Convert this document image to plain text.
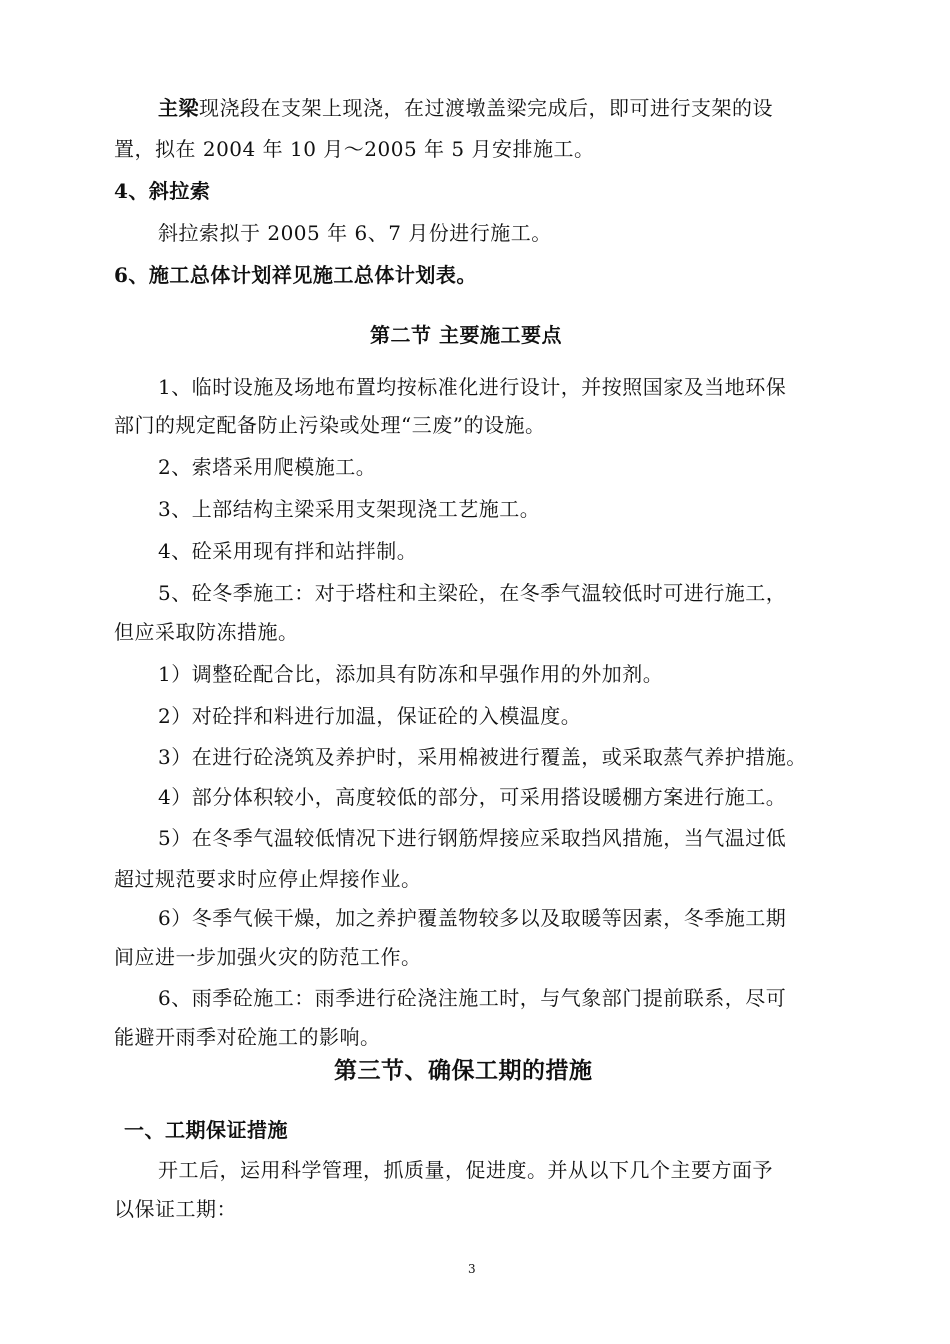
主梁现浇段在支架上现浇，在过渡墩盖梁完成后，即可进行支架的设
置，拟在 2004 年 10 月～2005 年 5 月安排施工。
4、斜拉索
斜拉索拟于 2005 年 6、7 月份进行施工。
6、施工总体计划祥见施工总体计划表。
第二节 主要施工要点
1、临时设施及场地布置均按标准化进行设计，并按照国家及当地环保
部门的规定配备防止污染或处理“三废”的设施。
2、索塔采用爬模施工。
3、上部结构主梁采用支架现浇工艺施工。
4、砼采用现有拌和站拌制。
5、砼冬季施工：对于塔柱和主梁砼，在冬季气温较低时可进行施工，
但应采取防冻措施。
1）调整砼配合比，添加具有防冻和早强作用的外加剂。
2）对砼拌和料进行加温，保证砼的入模温度。
3）在进行砼浇筑及养护时，采用棉被进行覆盖，或采取蒸气养护措施。
4）部分体积较小，高度较低的部分，可采用搭设暖棚方案进行施工。
5）在冬季气温较低情况下进行钢筋焊接应采取挡风措施，当气温过低
超过规范要求时应停止焊接作业。
6）冬季气候干燥，加之养护覆盖物较多以及取暖等因素，冬季施工期
间应进一步加强火灾的防范工作。
6、雨季砼施工：雨季进行砼浇注施工时，与气象部门提前联系，尽可
能避开雨季对砼施工的影响。
第三节、确保工期的措施
一、工期保证措施
开工后，运用科学管理，抓质量，促进度。并从以下几个主要方面予
以保证工期：
3
